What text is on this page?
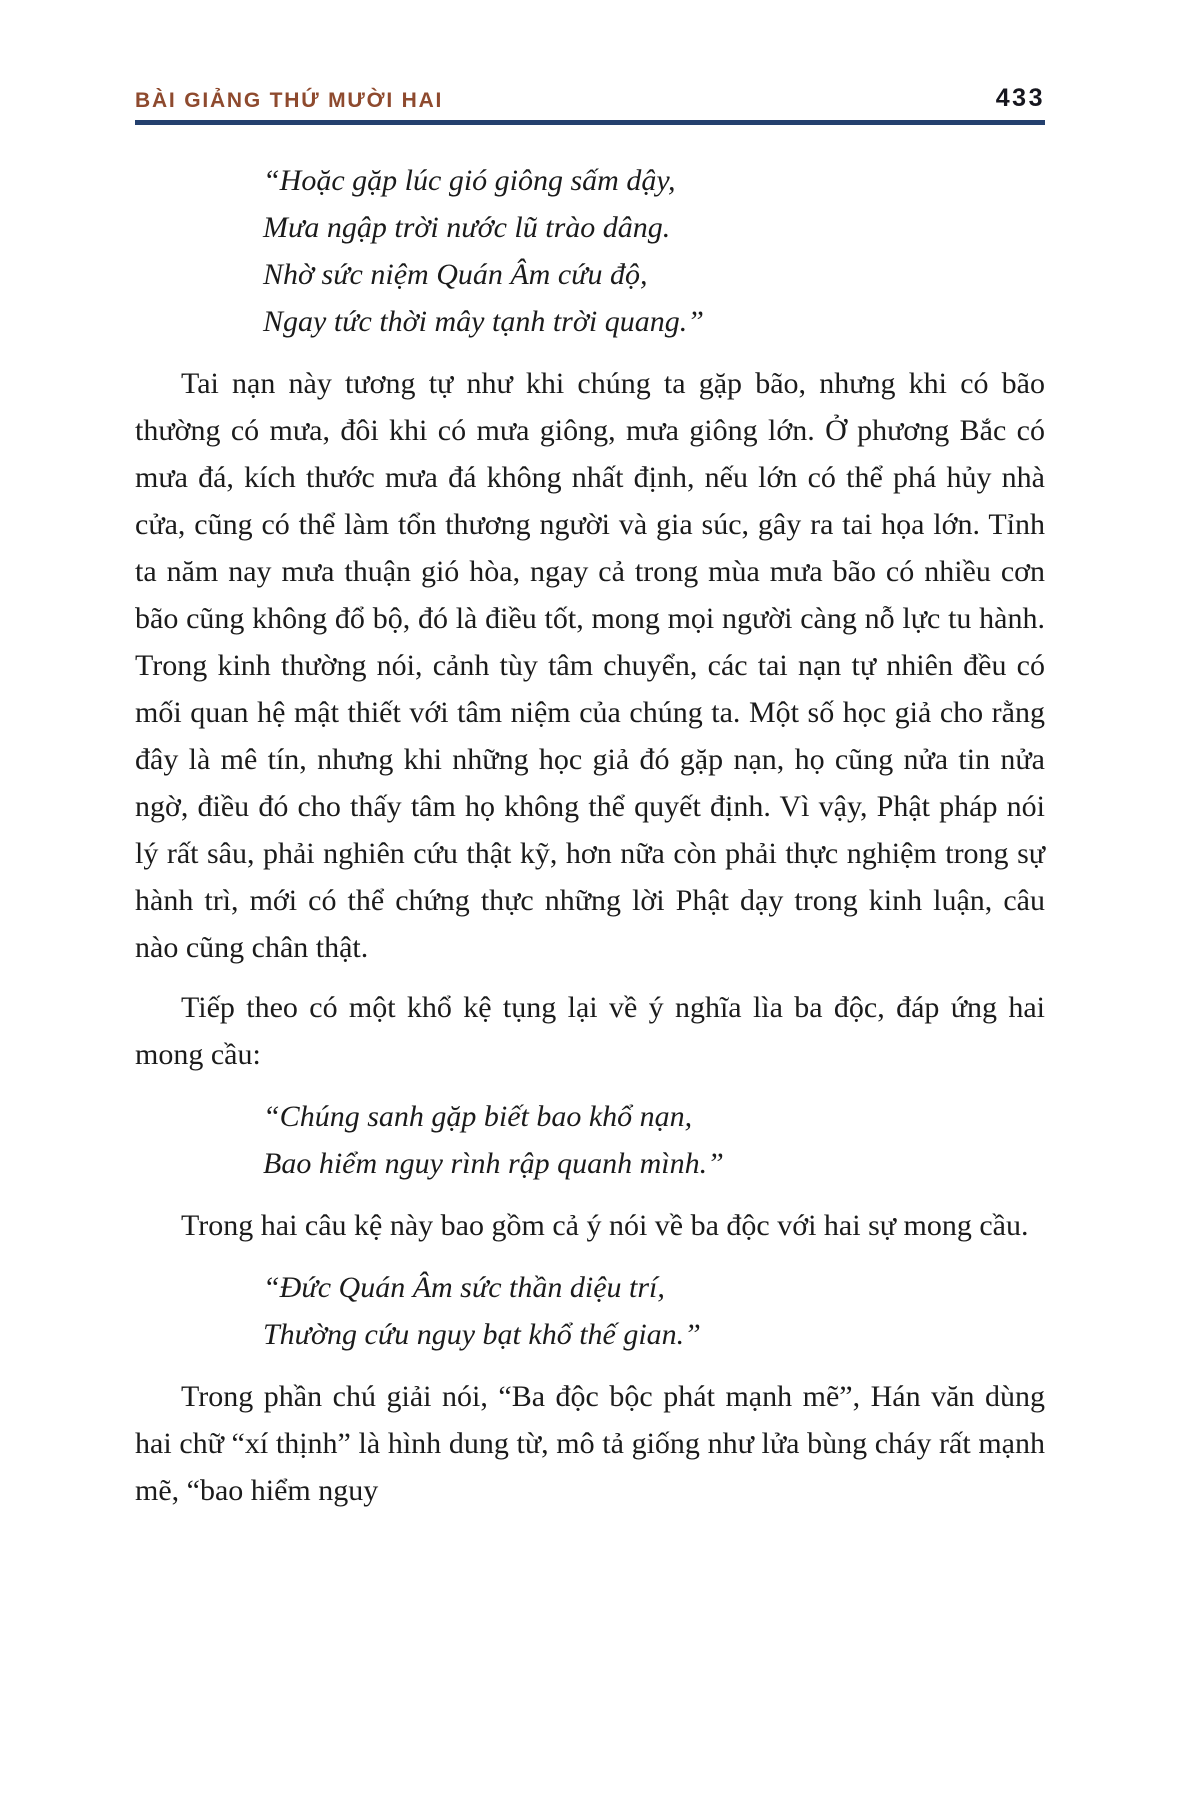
BÀI GIẢNG THỨ MƯỜI HAI	433
“Hoặc gặp lúc gió giông sấm dậy,
Mưa ngập trời nước lũ trào dâng.
Nhờ sức niệm Quán Âm cứu độ,
Ngay tức thời mây tạnh trời quang.”

Tai nạn này tương tự như khi chúng ta gặp bão, nhưng khi có bão thường có mưa, đôi khi có mưa giông, mưa giông lớn. Ở phương Bắc có mưa đá, kích thước mưa đá không nhất định, nếu lớn có thể phá hủy nhà cửa, cũng có thể làm tổn thương người và gia súc, gây ra tai họa lớn. Tỉnh ta năm nay mưa thuận gió hòa, ngay cả trong mùa mưa bão có nhiều cơn bão cũng không đổ bộ, đó là điều tốt, mong mọi người càng nỗ lực tu hành. Trong kinh thường nói, cảnh tùy tâm chuyển, các tai nạn tự nhiên đều có mối quan hệ mật thiết với tâm niệm của chúng ta. Một số học giả cho rằng đây là mê tín, nhưng khi những học giả đó gặp nạn, họ cũng nửa tin nửa ngờ, điều đó cho thấy tâm họ không thể quyết định. Vì vậy, Phật pháp nói lý rất sâu, phải nghiên cứu thật kỹ, hơn nữa còn phải thực nghiệm trong sự hành trì, mới có thể chứng thực những lời Phật dạy trong kinh luận, câu nào cũng chân thật.

Tiếp theo có một khổ kệ tụng lại về ý nghĩa lìa ba độc, đáp ứng hai mong cầu:

“Chúng sanh gặp biết bao khổ nạn,
Bao hiểm nguy rình rập quanh mình.”

Trong hai câu kệ này bao gồm cả ý nói về ba độc với hai sự mong cầu.

“Đức Quán Âm sức thần diệu trí,
Thường cứu nguy bạt khổ thế gian.”

Trong phần chú giải nói, “Ba độc bộc phát mạnh mẽ”, Hán văn dùng hai chữ “xí thịnh” là hình dung từ, mô tả giống như lửa bùng cháy rất mạnh mẽ, “bao hiểm nguy
